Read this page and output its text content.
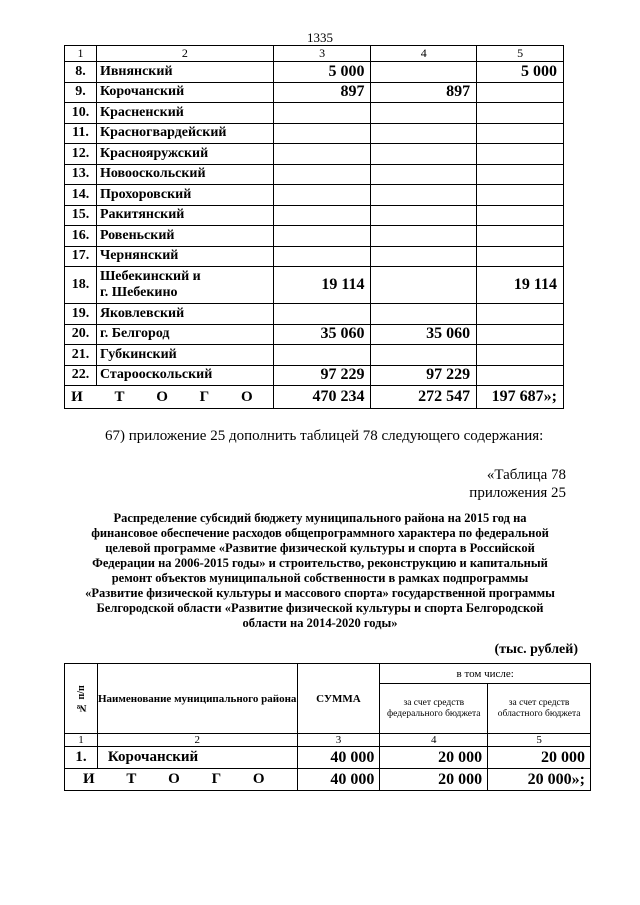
1335
1	2	3	4	5
8.	Ивнянский	5 000		5 000
9.	Корочанский	897	897	
10.	Красненский			
11.	Красногвардейский			
12.	Краснояружский			
13.	Новооскольский			
14.	Прохоровский			
15.	Ракитянский			
16.	Ровеньский			
17.	Чернянский			
18.	Шебекинский и
г. Шебекино	19 114		19 114
19.	Яковлевский			
20.	г. Белгород	35 060	35 060	
21.	Губкинский			
22.	Старооскольский	97 229	97 229	
И Т О Г О		470 234	272 547	197 687»;
67) приложение 25 дополнить таблицей 78 следующего содержания:
«Таблица 78
приложения 25
Распределение субсидий бюджету муниципального района на 2015 год на
финансовое обеспечение расходов общепрограммного характера по федеральной
целевой программе «Развитие физической культуры и спорта в Российской
Федерации на 2006-2015 годы» и строительство, реконструкцию и капитальный
ремонт объектов муниципальной собственности в рамках подпрограммы
«Развитие физической культуры и массового спорта» государственной программы
Белгородской области «Развитие физической культуры и спорта Белгородской
области на 2014-2020 годы»
(тыс. рублей)
№ п/п	Наименование муниципального района	СУММА	в том числе:	
			за счет средств федерального бюджета	за счет средств областного бюджета
1	2	3	4	5
1.	Корочанский	40 000	20 000	20 000
И Т О Г О		40 000	20 000	20 000»;
